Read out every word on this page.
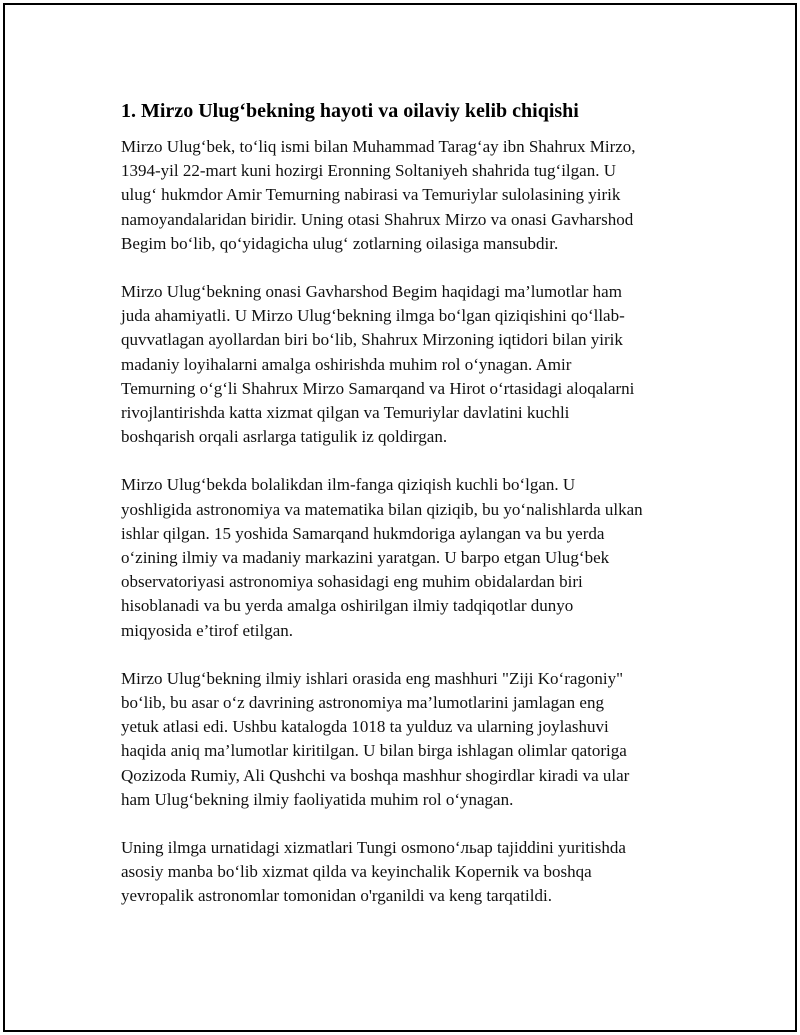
1. Mirzo Ulug‘bekning hayoti va oilaviy kelib chiqishi

Mirzo Ulug‘bek, to‘liq ismi bilan Muhammad Tarag‘ay ibn Shahrux Mirzo,
1394-yil 22-mart kuni hozirgi Eronning Soltaniyeh shahrida tug‘ilgan. U
ulug‘ hukmdor Amir Temurning nabirasi va Temuriylar sulolasining yirik
namoyandalaridan biridir. Uning otasi Shahrux Mirzo va onasi Gavharshod
Begim bo‘lib, qo‘yidagicha ulug‘ zotlarning oilasiga mansubdir.

Mirzo Ulug‘bekning onasi Gavharshod Begim haqidagi ma’lumotlar ham
juda ahamiyatli. U Mirzo Ulug‘bekning ilmga bo‘lgan qiziqishini qo‘llab-
quvvatlagan ayollardan biri bo‘lib, Shahrux Mirzoning iqtidori bilan yirik
madaniy loyihalarni amalga oshirishda muhim rol o‘ynagan. Amir
Temurning o‘g‘li Shahrux Mirzo Samarqand va Hirot o‘rtasidagi aloqalarni
rivojlantirishda katta xizmat qilgan va Temuriylar davlatini kuchli
boshqarish orqali asrlarga tatigulik iz qoldirgan.

Mirzo Ulug‘bekda bolalikdan ilm-fanga qiziqish kuchli bo‘lgan. U
yoshligida astronomiya va matematika bilan qiziqib, bu yo‘nalishlarda ulkan
ishlar qilgan. 15 yoshida Samarqand hukmdoriga aylangan va bu yerda
o‘zining ilmiy va madaniy markazini yaratgan. U barpo etgan Ulug‘bek
observatoriyasi astronomiya sohasidagi eng muhim obidalardan biri
hisoblanadi va bu yerda amalga oshirilgan ilmiy tadqiqotlar dunyo
miqyosida e’tirof etilgan.

Mirzo Ulug‘bekning ilmiy ishlari orasida eng mashhuri "Ziji Ko‘ragoniy"
bo‘lib, bu asar o‘z davrining astronomiya ma’lumotlarini jamlagan eng
yetuk atlasi edi. Ushbu katalogda 1018 ta yulduz va ularning joylashuvi
haqida aniq ma’lumotlar kiritilgan. U bilan birga ishlagan olimlar qatoriga
Qozizoda Rumiy, Ali Qushchi va boshqa mashhur shogirdlar kiradi va ular
ham Ulug‘bekning ilmiy faoliyatida muhim rol o‘ynagan.

Uning ilmga urnatidagi xizmatlari Tungi osmono‘льар tajiddini yuritishda
asosiy manba bo‘lib xizmat qilda va keyinchalik Kopernik va boshqa
yevropalik astronomlar tomonidan o'rganildi va keng tarqatildi.
